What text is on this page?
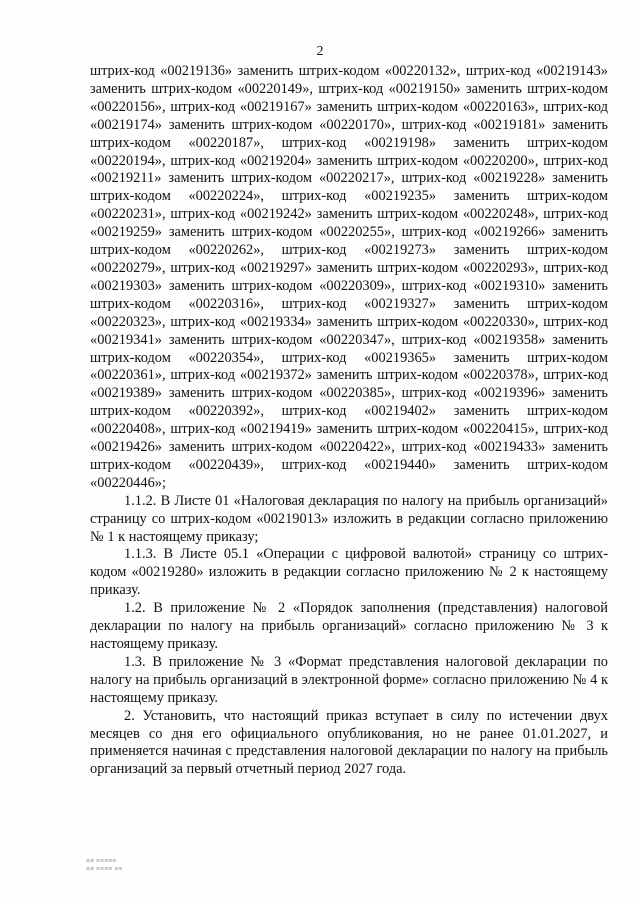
2

штрих-код «00219136» заменить штрих-кодом «00220132», штрих-код «00219143» заменить штрих-кодом «00220149», штрих-код «00219150» заменить штрих-кодом «00220156», штрих-код «00219167» заменить штрих-кодом «00220163», штрих-код «00219174» заменить штрих-кодом «00220170», штрих-код «00219181» заменить штрих-кодом «00220187», штрих-код «00219198» заменить штрих-кодом «00220194», штрих-код «00219204» заменить штрих-кодом «00220200», штрих-код «00219211» заменить штрих-кодом «00220217», штрих-код «00219228» заменить штрих-кодом «00220224», штрих-код «00219235» заменить штрих-кодом «00220231», штрих-код «00219242» заменить штрих-кодом «00220248», штрих-код «00219259» заменить штрих-кодом «00220255», штрих-код «00219266» заменить штрих-кодом «00220262», штрих-код «00219273» заменить штрих-кодом «00220279», штрих-код «00219297» заменить штрих-кодом «00220293», штрих-код «00219303» заменить штрих-кодом «00220309», штрих-код «00219310» заменить штрих-кодом «00220316», штрих-код «00219327» заменить штрих-кодом «00220323», штрих-код «00219334» заменить штрих-кодом «00220330», штрих-код «00219341» заменить штрих-кодом «00220347», штрих-код «00219358» заменить штрих-кодом «00220354», штрих-код «00219365» заменить штрих-кодом «00220361», штрих-код «00219372» заменить штрих-кодом «00220378», штрих-код «00219389» заменить штрих-кодом «00220385», штрих-код «00219396» заменить штрих-кодом «00220392», штрих-код «00219402» заменить штрих-кодом «00220408», штрих-код «00219419» заменить штрих-кодом «00220415», штрих-код «00219426» заменить штрих-кодом «00220422», штрих-код «00219433» заменить штрих-кодом «00220439», штрих-код «00219440» заменить штрих-кодом «00220446»;

1.1.2. В Листе 01 «Налоговая декларация по налогу на прибыль организаций» страницу со штрих-кодом «00219013» изложить в редакции согласно приложению № 1 к настоящему приказу;

1.1.3. В Листе 05.1 «Операции с цифровой валютой» страницу со штрих-кодом «00219280» изложить в редакции согласно приложению № 2 к настоящему приказу.

1.2. В приложение № 2 «Порядок заполнения (представления) налоговой декларации по налогу на прибыль организаций» согласно приложению № 3 к настоящему приказу.

1.3. В приложение № 3 «Формат представления налоговой декларации по налогу на прибыль организаций в электронной форме» согласно приложению № 4 к настоящему приказу.

2. Установить, что настоящий приказ вступает в силу по истечении двух месяцев со дня его официального опубликования, но не ранее 01.01.2027, и применяется начиная с представления налоговой декларации по налогу на прибыль организаций за первый отчетный период 2027 года.

▪▪ ▪▪▪▪▪
▪▪ ▪▪▪▪ ▪▪
